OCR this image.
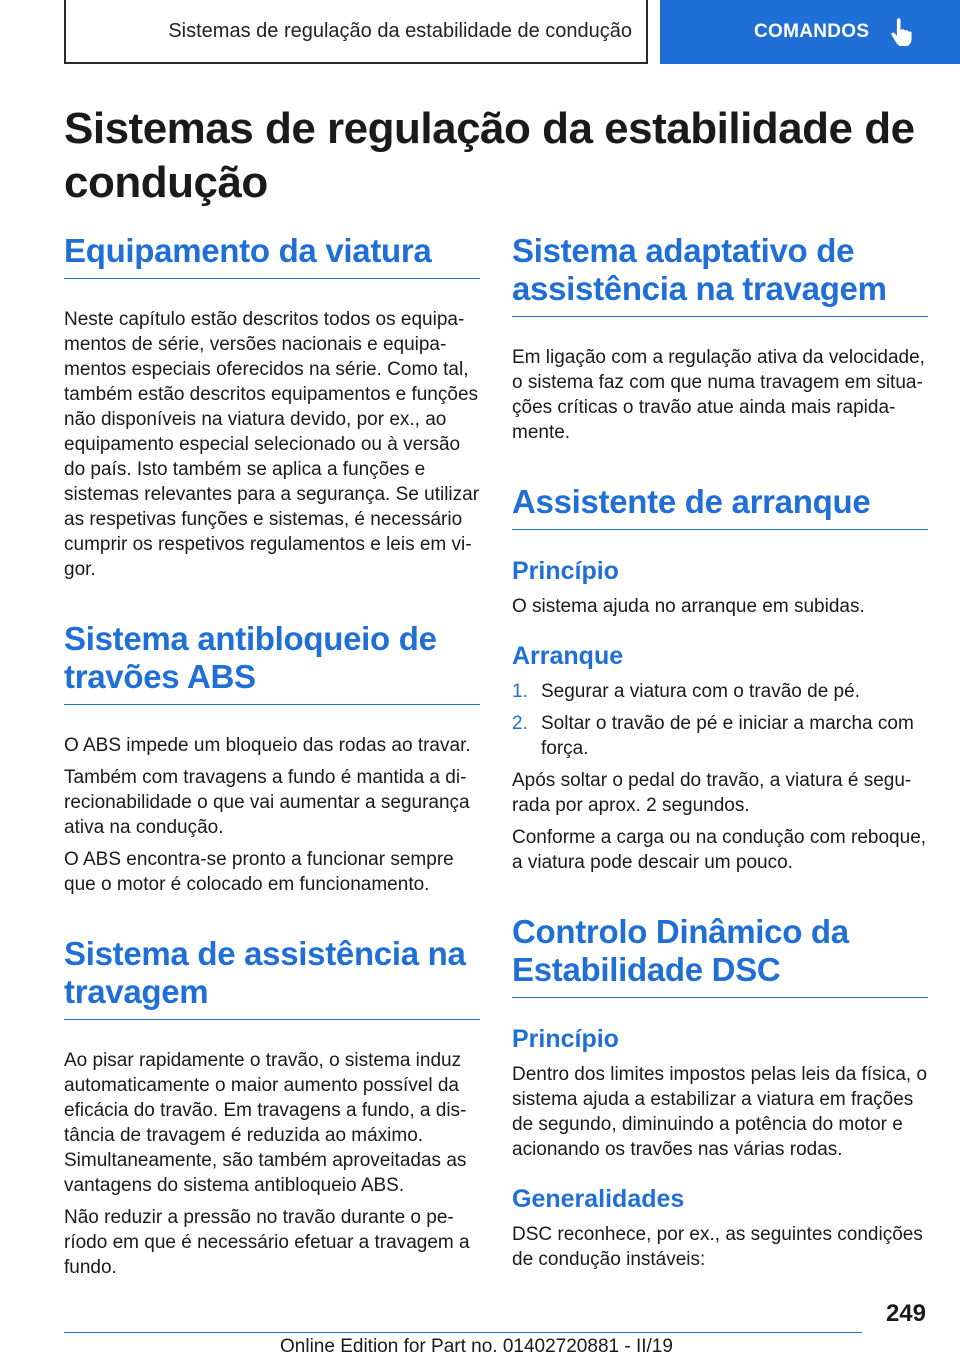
Sistemas de regulação da estabilidade de condução	COMANDOS
Sistemas de regulação da estabilidade de condução
Equipamento da viatura

Neste capítulo estão descritos todos os equipamentos de série, versões nacionais e equipamentos especiais oferecidos na série. Como tal, também estão descritos equipamentos e funções não disponíveis na viatura devido, por ex., ao equipamento especial selecionado ou à versão do país. Isto também se aplica a funções e sistemas relevantes para a segurança. Se utilizar as respetivas funções e sistemas, é necessário cumprir os respetivos regulamentos e leis em vigor.

Sistema antibloqueio de travões ABS

O ABS impede um bloqueio das rodas ao travar.

Também com travagens a fundo é mantida a direcionabilidade o que vai aumentar a segurança ativa na condução.

O ABS encontra-se pronto a funcionar sempre que o motor é colocado em funcionamento.

Sistema de assistência na travagem

Ao pisar rapidamente o travão, o sistema induz automaticamente o maior aumento possível da eficácia do travão. Em travagens a fundo, a distância de travagem é reduzida ao máximo. Simultaneamente, são também aproveitadas as vantagens do sistema antibloqueio ABS.

Não reduzir a pressão no travão durante o período em que é necessário efetuar a travagem a fundo.

Sistema adaptativo de assistência na travagem

Em ligação com a regulação ativa da velocidade, o sistema faz com que numa travagem em situações críticas o travão atue ainda mais rapidamente.

Assistente de arranque
Princípio

O sistema ajuda no arranque em subidas.

Arranque
1. Segurar a viatura com o travão de pé.
2. Soltar o travão de pé e iniciar a marcha com força.

Após soltar o pedal do travão, a viatura é segurada por aprox. 2 segundos.

Conforme a carga ou na condução com reboque, a viatura pode descair um pouco.

Controlo Dinâmico da Estabilidade DSC
Princípio

Dentro dos limites impostos pelas leis da física, o sistema ajuda a estabilizar a viatura em frações de segundo, diminuindo a potência do motor e acionando os travões nas várias rodas.

Generalidades

DSC reconhece, por ex., as seguintes condições de condução instáveis:

249
Online Edition for Part no. 01402720881 - II/19
